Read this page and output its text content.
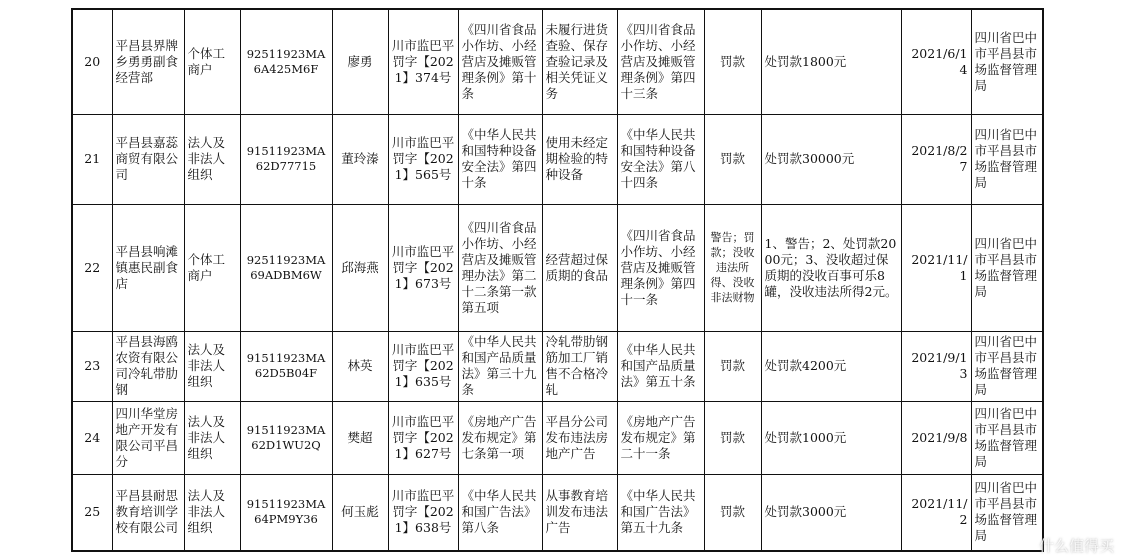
20	平昌县界牌乡勇勇副食经营部	个体工商户	92511923MA6A425M6F	廖勇	川市监巴平罚字【2021】374号	《四川省食品小作坊、小经营店及摊贩管理条例》第十条	未履行进货查验、保存查验记录及相关凭证义务	《四川省食品小作坊、小经营店及摊贩管理条例》第四十三条	罚款	处罚款1800元	2021/6/14	四川省巴中市平昌县市场监督管理局
21	平昌县嘉蕊商贸有限公司	法人及非法人组织	91511923MA62D77715	董玲溱	川市监巴平罚字【2021】565号	《中华人民共和国特种设备安全法》第四十条	使用未经定期检验的特种设备	《中华人民共和国特种设备安全法》第八十四条	罚款	处罚款30000元	2021/8/27	四川省巴中市平昌县市场监督管理局
22	平昌县响滩镇惠民副食店	个体工商户	92511923MA69ADBM6W	邱海燕	川市监巴平罚字【2021】673号	《四川省食品小作坊、小经营店及摊贩管理办法》第二十二条第一款第五项	经营超过保质期的食品	《四川省食品小作坊、小经营店及摊贩管理条例》第四十一条	警告；罚款；没收违法所得、没收非法财物	1、警告；2、处罚款2000元；3、没收超过保质期的没收百事可乐8罐，没收违法所得2元。	2021/11/1	四川省巴中市平昌县市场监督管理局
23	平昌县海鸥农资有限公司冷轧带肋钢	法人及非法人组织	91511923MA62D5B04F	林英	川市监巴平罚字【2021】635号	《中华人民共和国产品质量法》第三十九条	冷轧带肋钢筋加工厂销售不合格冷轧	《中华人民共和国产品质量法》第五十条	罚款	处罚款4200元	2021/9/13	四川省巴中市平昌县市场监督管理局
24	四川华堂房地产开发有限公司平昌分	法人及非法人组织	91511923MA62D1WU2Q	樊超	川市监巴平罚字【2021】627号	《房地产广告发布规定》第七条第一项	平昌分公司发布违法房地产广告	《房地产广告发布规定》第二十一条	罚款	处罚款1000元	2021/9/8	四川省巴中市平昌县市场监督管理局
25	平昌县耐思教育培训学校有限公司	法人及非法人组织	91511923MA64PM9Y36	何玉彪	川市监巴平罚字【2021】638号	《中华人民共和国广告法》第八条	从事教育培训发布违法广告	《中华人民共和国广告法》第五十九条	罚款	处罚款3000元	2021/11/2	四川省巴中市平昌县市场监督管理局
什么值得买
